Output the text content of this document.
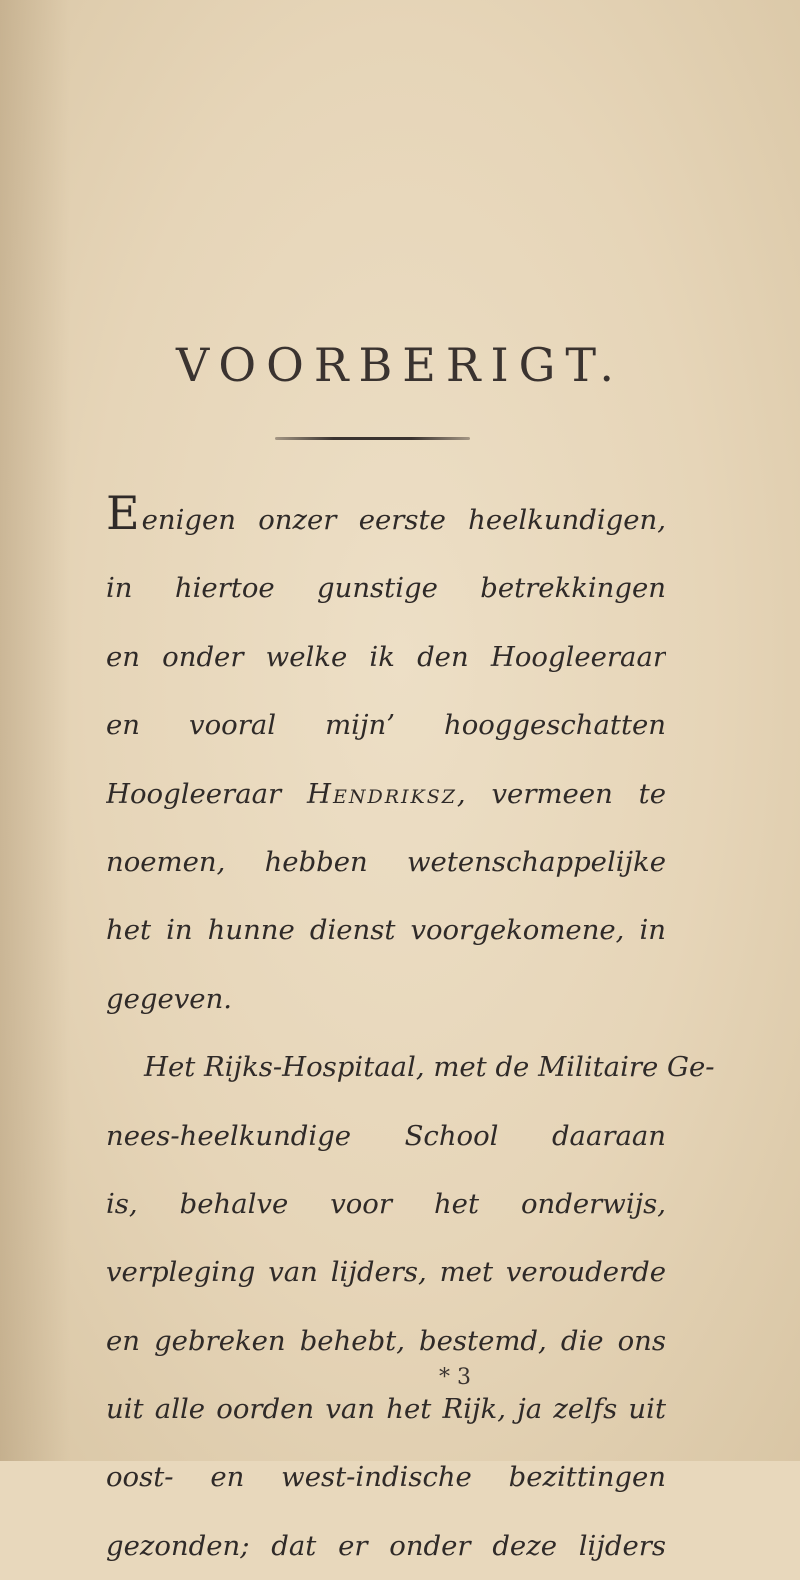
VOORBERIGT.
Eenigen onzer eerste heelkundigen,
in hiertoe gunstige betrekkingen
en onder welke ik den Hoogleeraar
en vooral mijn’ hooggeschatten
Hoogleeraar Hendriksz, vermeen te
noemen, hebben wetenschappelijke
het in hunne dienst voorgekomene, in
gegeven.
Het Rijks-Hospitaal, met de Militaire Ge-
nees-heelkundige School daaraan
is, behalve voor het onderwijs,
verpleging van lijders, met verouderde
en gebreken behebt, bestemd, die ons
uit alle oorden van het Rijk, ja zelfs uit
oost- en west-indische bezittingen
gezonden; dat er onder deze lijders
* 3
